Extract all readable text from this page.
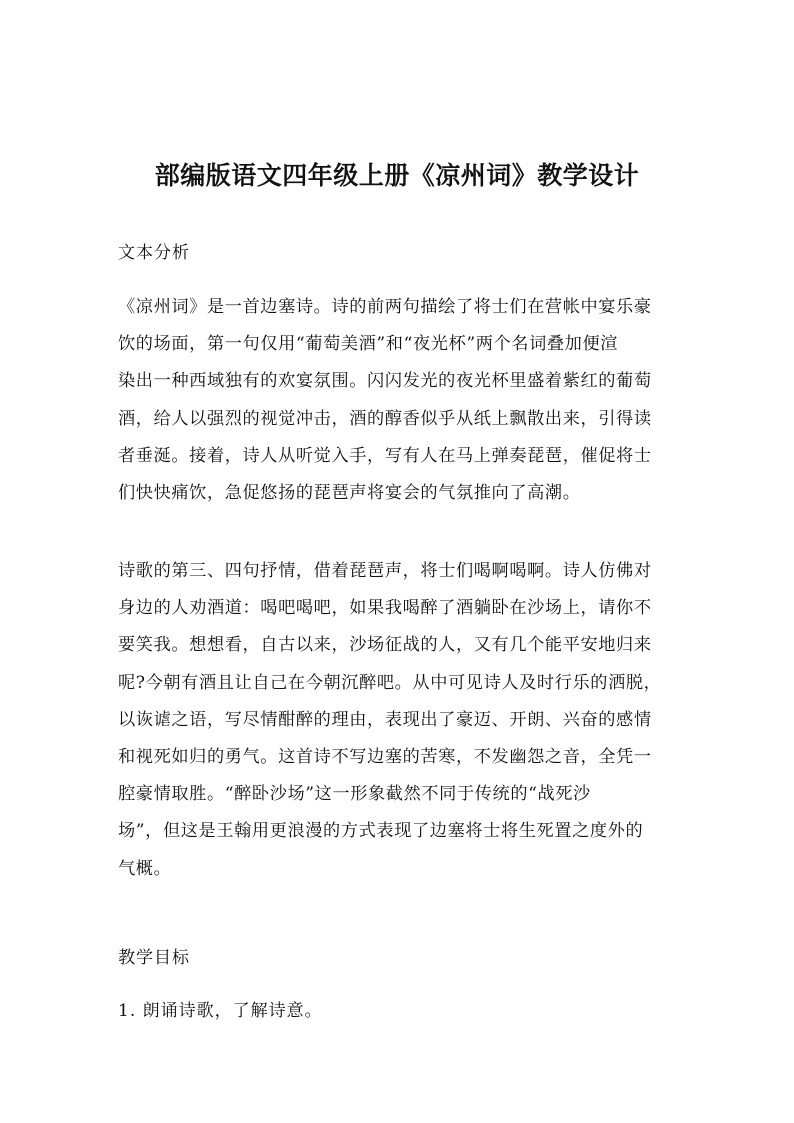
部编版语文四年级上册《凉州词》教学设计

文本分析

《凉州词》是一首边塞诗。诗的前两句描绘了将士们在营帐中宴乐豪
饮的场面，第一句仅用“葡萄美酒”和“夜光杯”两个名词叠加便渲
染出一种西域独有的欢宴氛围。闪闪发光的夜光杯里盛着紫红的葡萄
酒，给人以强烈的视觉冲击，酒的醇香似乎从纸上飘散出来，引得读
者垂涎。接着，诗人从听觉入手，写有人在马上弹奏琵琶，催促将士
们快快痛饮，急促悠扬的琵琶声将宴会的气氛推向了高潮。

诗歌的第三、四句抒情，借着琵琶声，将士们喝啊喝啊。诗人仿佛对
身边的人劝酒道：喝吧喝吧，如果我喝醉了酒躺卧在沙场上，请你不
要笑我。想想看，自古以来，沙场征战的人，又有几个能平安地归来
呢?今朝有酒且让自己在今朝沉醉吧。从中可见诗人及时行乐的洒脱，
以诙谑之语，写尽情酣醉的理由，表现出了豪迈、开朗、兴奋的感情
和视死如归的勇气。这首诗不写边塞的苦寒，不发幽怨之音，全凭一
腔豪情取胜。“醉卧沙场”这一形象截然不同于传统的“战死沙
场”，但这是王翰用更浪漫的方式表现了边塞将士将生死置之度外的
气概。

教学目标

1. 朗诵诗歌，了解诗意。
